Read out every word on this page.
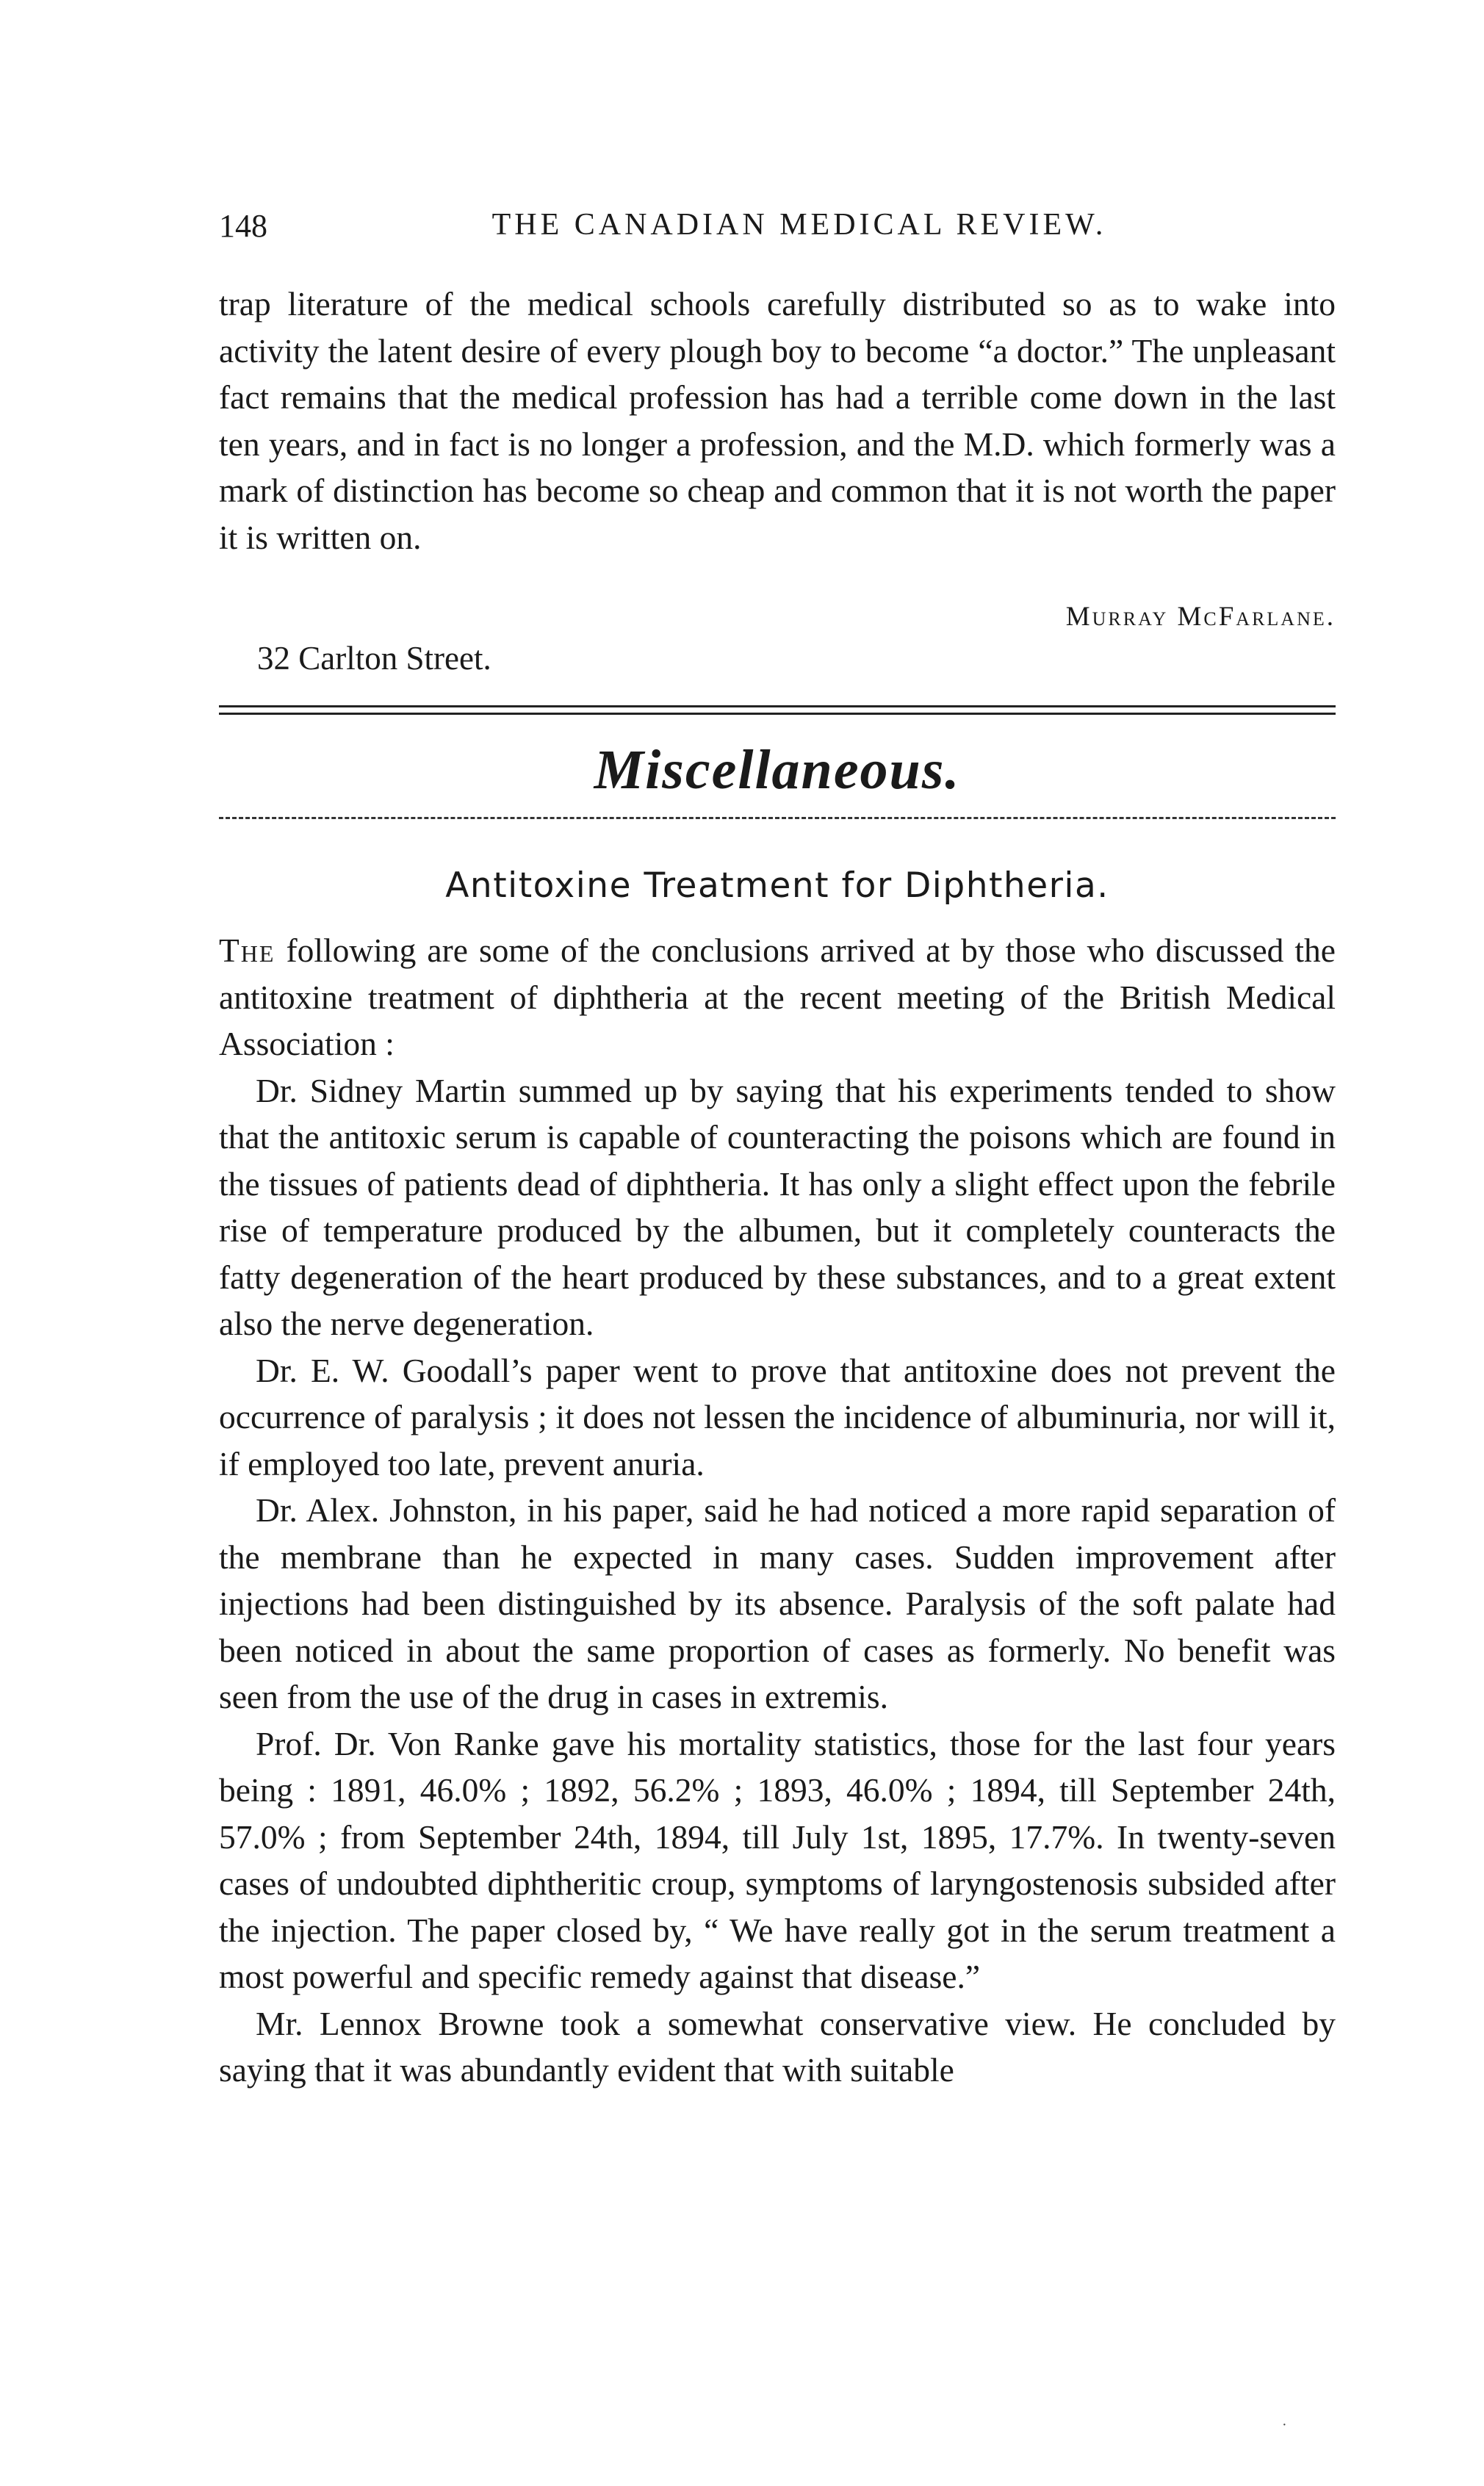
148	THE CANADIAN MEDICAL REVIEW.

trap literature of the medical schools carefully distributed so as to wake into activity the latent desire of every plough boy to become “a doctor.” The unpleasant fact remains that the medical profession has had a terrible come down in the last ten years, and in fact is no longer a profession, and the M.D. which formerly was a mark of distinction has become so cheap and common that it is not worth the paper it is written on.

Murray McFarlane.
32 Carlton Street.
Miscellaneous.
Antitoxine Treatment for Diphtheria.

The following are some of the conclusions arrived at by those who discussed the antitoxine treatment of diphtheria at the recent meeting of the British Medical Association :

Dr. Sidney Martin summed up by saying that his experiments tended to show that the antitoxic serum is capable of counteracting the poisons which are found in the tissues of patients dead of diphtheria. It has only a slight effect upon the febrile rise of temperature produced by the albumen, but it completely counteracts the fatty degeneration of the heart produced by these substances, and to a great extent also the nerve degeneration.

Dr. E. W. Goodall’s paper went to prove that antitoxine does not prevent the occurrence of paralysis ; it does not lessen the incidence of albuminuria, nor will it, if employed too late, prevent anuria.

Dr. Alex. Johnston, in his paper, said he had noticed a more rapid separation of the membrane than he expected in many cases. Sudden improvement after injections had been distinguished by its absence. Paralysis of the soft palate had been noticed in about the same proportion of cases as formerly. No benefit was seen from the use of the drug in cases in extremis.

Prof. Dr. Von Ranke gave his mortality statistics, those for the last four years being : 1891, 46.0% ; 1892, 56.2% ; 1893, 46.0% ; 1894, till September 24th, 57.0% ; from September 24th, 1894, till July 1st, 1895, 17.7%. In twenty-seven cases of undoubted diphtheritic croup, symptoms of laryngostenosis subsided after the injection. The paper closed by, “ We have really got in the serum treatment a most powerful and specific remedy against that disease.”

Mr. Lennox Browne took a somewhat conservative view. He concluded by saying that it was abundantly evident that with suitable

·
